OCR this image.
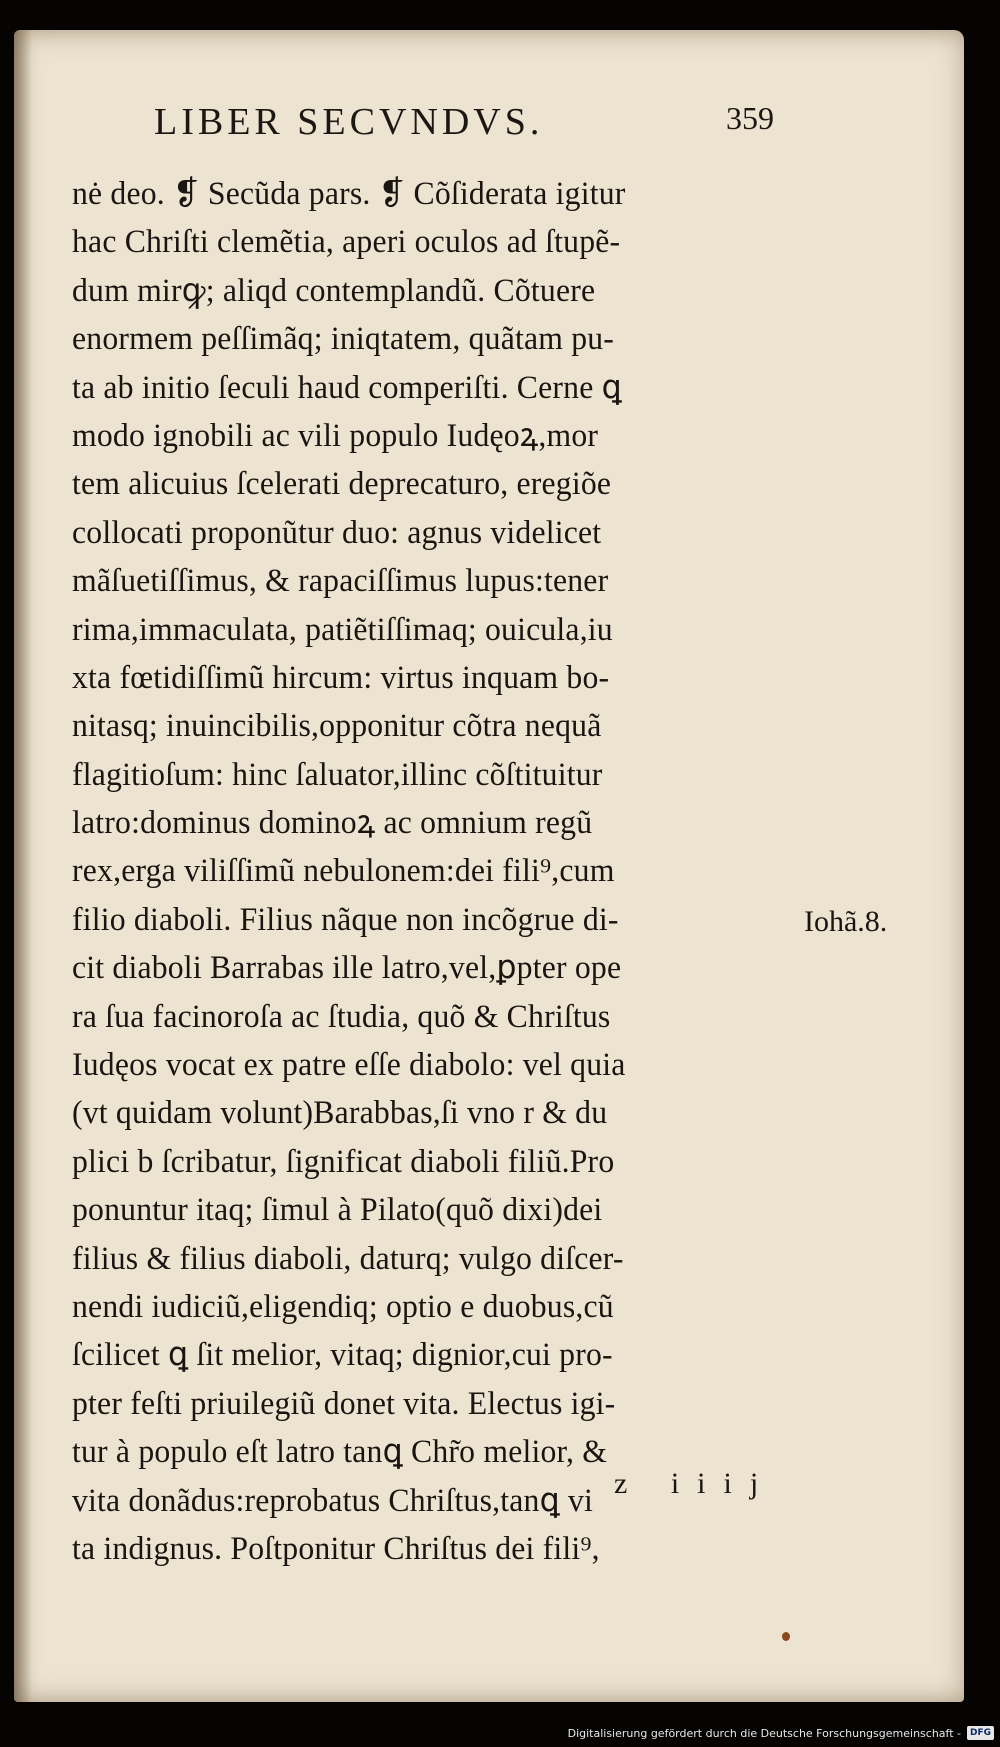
LIBER SECVNDVS.	359
nė deo. ❡ Secũda pars. ❡ Cõſiderata igitur
hac Chriſti clemẽtia, aperi oculos ad ſtupẽ-
dum mirꝙ; aliqd contemplandũ. Cõtuere
enormem peſſimãq; iniqtatem, quãtam pu-
ta ab initio ſeculi haud comperiſti. Cerne ꝗ
modo ignobili ac vili populo Iudęoꝝ,mor
tem alicuius ſcelerati deprecaturo, eregiõe
collocati proponũtur duo: agnus videlicet
mãſuetiſſimus, & rapaciſſimus lupus:tener
rima,immaculata, patiẽtiſſimaq; ouicula,iu
xta fœtidiſſimũ hircum: virtus inquam bo-
nitasq; inuincibilis,opponitur cõtra nequã
flagitioſum: hinc ſaluator,illinc cõſtituitur
latro:dominus dominoꝝ ac omnium regũ
rex,erga viliſſimũ nebulonem:dei fili⁹,cum
filio diaboli. Filius nãque non incõgrue di-
cit diaboli Barrabas ille latro,vel,ꝑpter ope
ra ſua facinoroſa ac ſtudia, quõ & Chriſtus
Iudęos vocat ex patre eſſe diabolo: vel quia
(vt quidam volunt)Barabbas,ſi vno r & du
plici b ſcribatur, ſignificat diaboli filiũ.Pro
ponuntur itaq; ſimul à Pilato(quõ dixi)dei
filius & filius diaboli, daturq; vulgo diſcer-
nendi iudiciũ,eligendiq; optio e duobus,cũ
ſcilicet ꝗ ſit melior, vitaq; dignior,cui pro-
pter feſti priuilegiũ donet vita. Electus igi-
tur à populo eſt latro tanꝗ Chr̃o melior, &
vita donãdus:reprobatus Chriſtus,tanꝗ vi
ta indignus. Poſtponitur Chriſtus dei fili⁹,
Iohã.8.
z iiij
Digitalisierung gefördert durch die Deutsche Forschungsgemeinschaft -	DFG
